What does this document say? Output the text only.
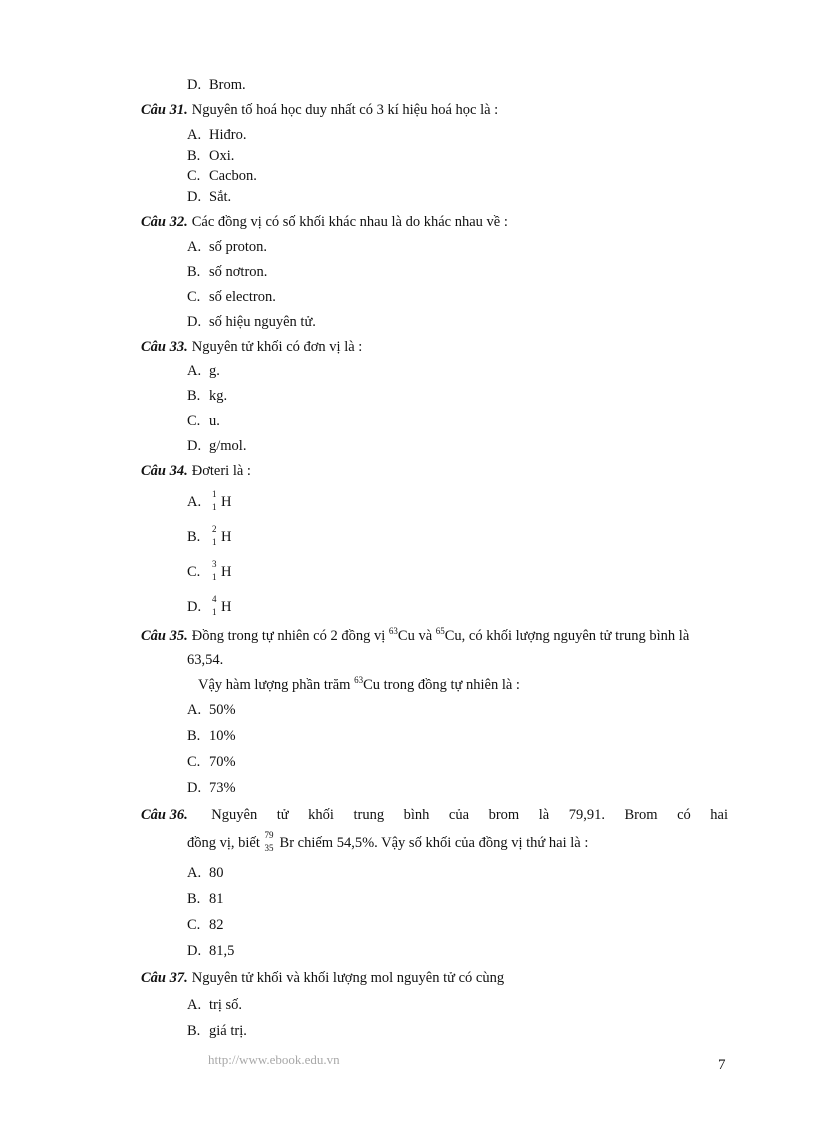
D. Brom.
Câu 31. Nguyên tố hoá học duy nhất có 3 kí hiệu hoá học là :
A. Hiđro.
B. Oxi.
C. Cacbon.
D. Sắt.
Câu 32. Các đồng vị có số khối khác nhau là do khác nhau về :
A. số proton.
B. số nơtron.
C. số electron.
D. số hiệu nguyên tử.
Câu 33. Nguyên tử khối có đơn vị là :
A. g.
B. kg.
C. u.
D. g/mol.
Câu 34. Đơteri là :
A.
1
1 H
B.
2
1 H
C.
3
1 H
D.
4
1 H
Câu 35. Đồng trong tự nhiên có 2 đồng vị $^{63}$Cu và $^{65}$Cu, có khối lượng nguyên tử trung bình là
63,54.
Vậy hàm lượng phần trăm $^{63}$Cu trong đồng tự nhiên là :
A. 50%
B. 10%
C. 70%
D. 73%
Câu 36. Nguyên tử khối trung bình của brom là 79,91. Brom có hai
đồng vị, biết
79
35 Br chiếm 54,5%. Vậy số khối của đồng vị thứ hai là :
A. 80
B. 81
C. 82
D. 81,5
Câu 37. Nguyên tử khối và khối lượng mol nguyên tử có cùng
A. trị số.
B. giá trị.
http://www.ebook.edu.vn	7
